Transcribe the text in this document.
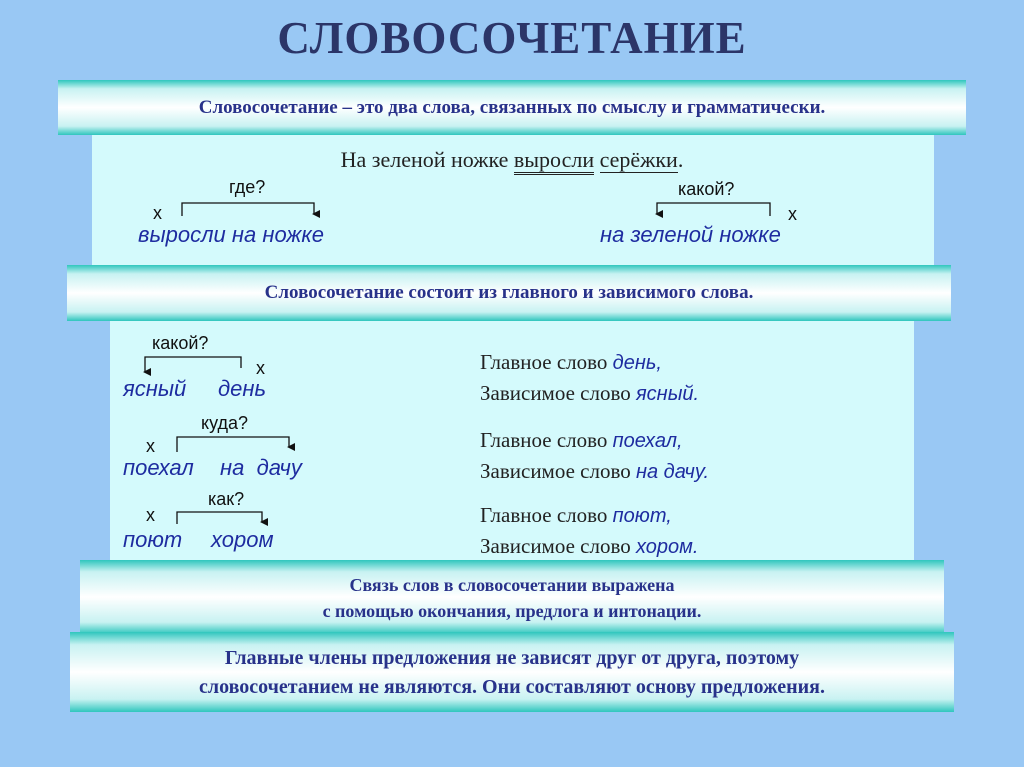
СЛОВОСОЧЕТАНИЕ
Словосочетание – это два слова, связанных по смыслу и грамматически.
На зеленой ножке выросли серёжки.
где?
х
выросли на ножке
какой?
х
на зеленой ножке
Словосочетание состоит из главного и зависимого слова.
какой?
х
ясный день
куда?
х
поехал на  дачу
как?
х
поют хором
Главное слово день,
Зависимое слово ясный.
Главное слово поехал,
Зависимое слово на дачу.
Главное слово поют,
Зависимое слово хором.
Связь слов в словосочетании выражена
с помощью окончания, предлога и интонации.
Главные члены предложения не зависят друг от друга, поэтому
словосочетанием не являются. Они составляют основу предложения.
